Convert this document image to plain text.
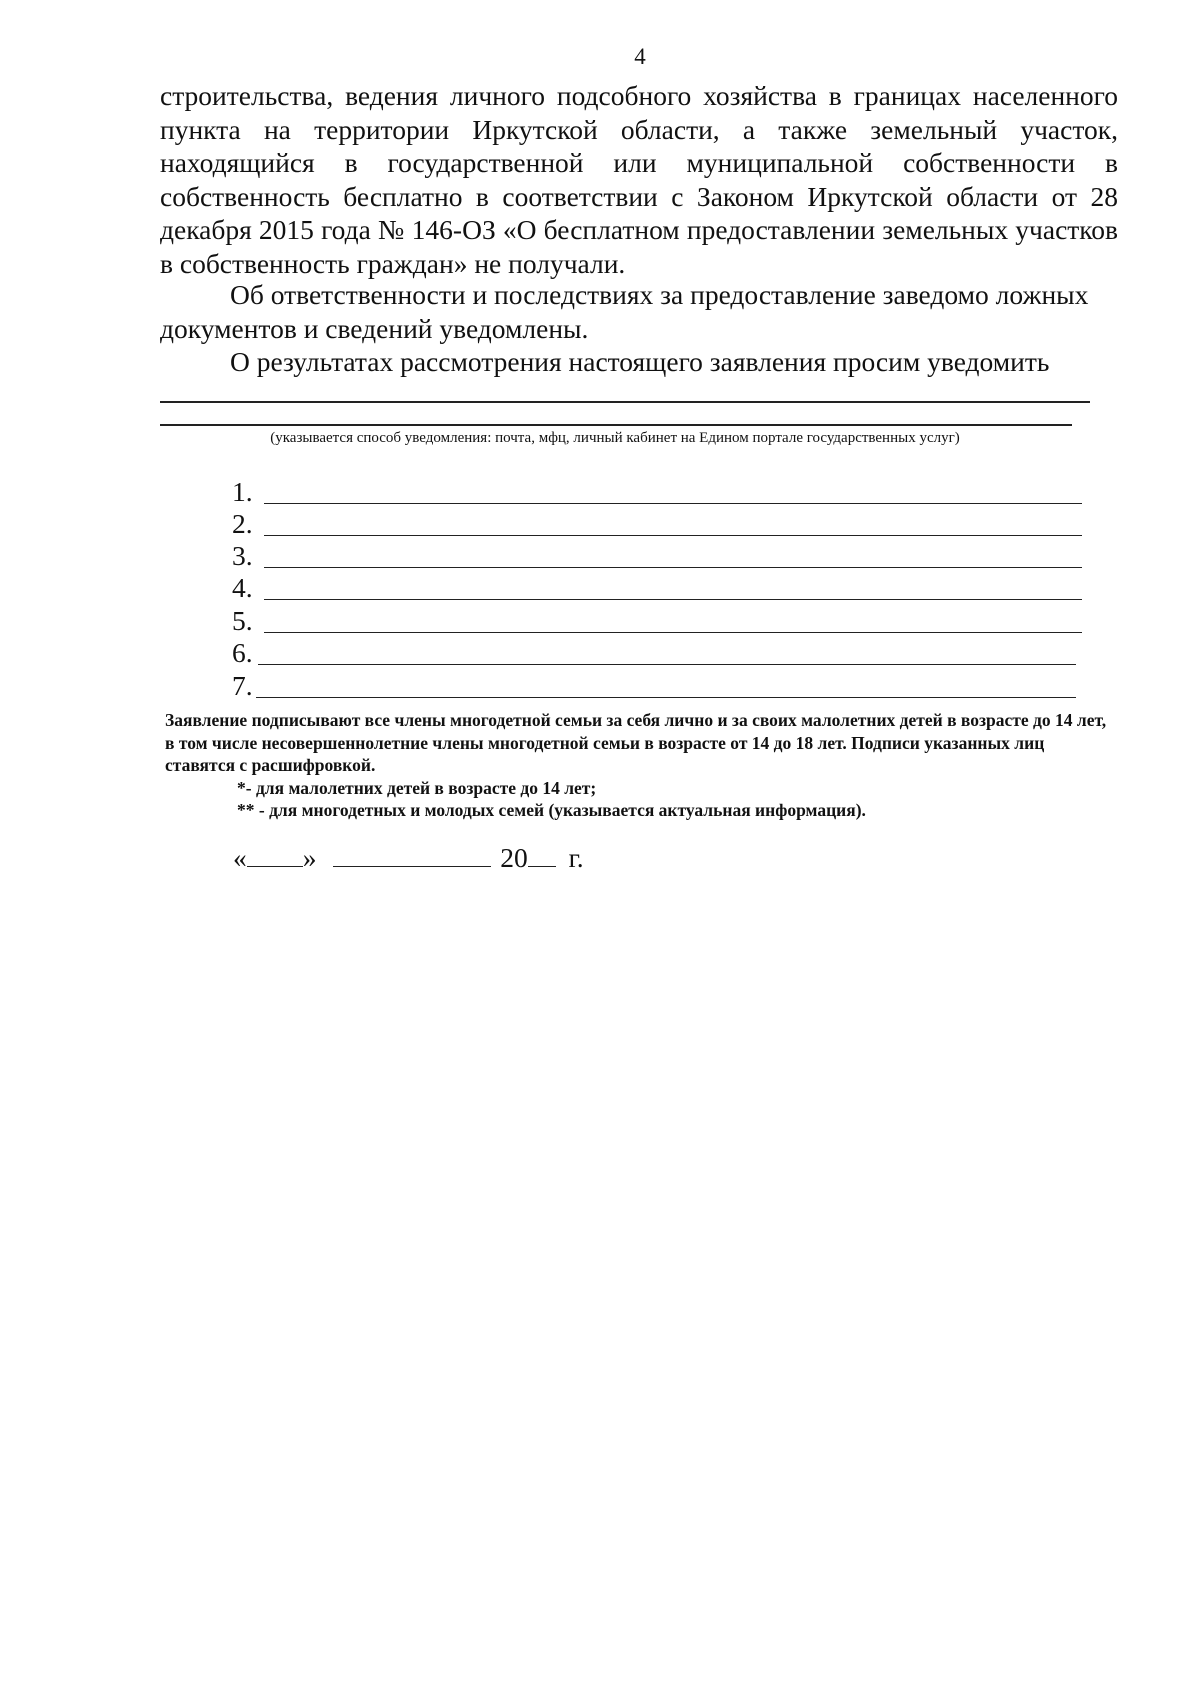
4
строительства, ведения личного подсобного хозяйства в границах населенного пункта на территории Иркутской области, а также земельный участок, находящийся в государственной или муниципальной собственности в собственность бесплатно в соответствии с Законом Иркутской области от 28 декабря 2015 года № 146-ОЗ «О бесплатном предоставлении земельных участков в собственность граждан» не получали.
Об ответственности и последствиях за предоставление заведомо ложных
документов и сведений уведомлены.
О результатах рассмотрения настоящего заявления просим уведомить
(указывается способ уведомления: почта, мфц, личный кабинет на Едином портале государственных услуг)
1.
2.
3.
4.
5.
6.
7.
Заявление подписывают все члены многодетной семьи за себя лично и за своих малолетних детей в возрасте до 14 лет, в том числе несовершеннолетние члены многодетной семьи в возрасте от 14 до 18 лет. Подписи указанных лиц ставятся с расшифровкой.
*- для малолетних детей в возрасте до 14 лет;
** - для многодетных и молодых семей (указывается актуальная информация).
« »	20 г.
